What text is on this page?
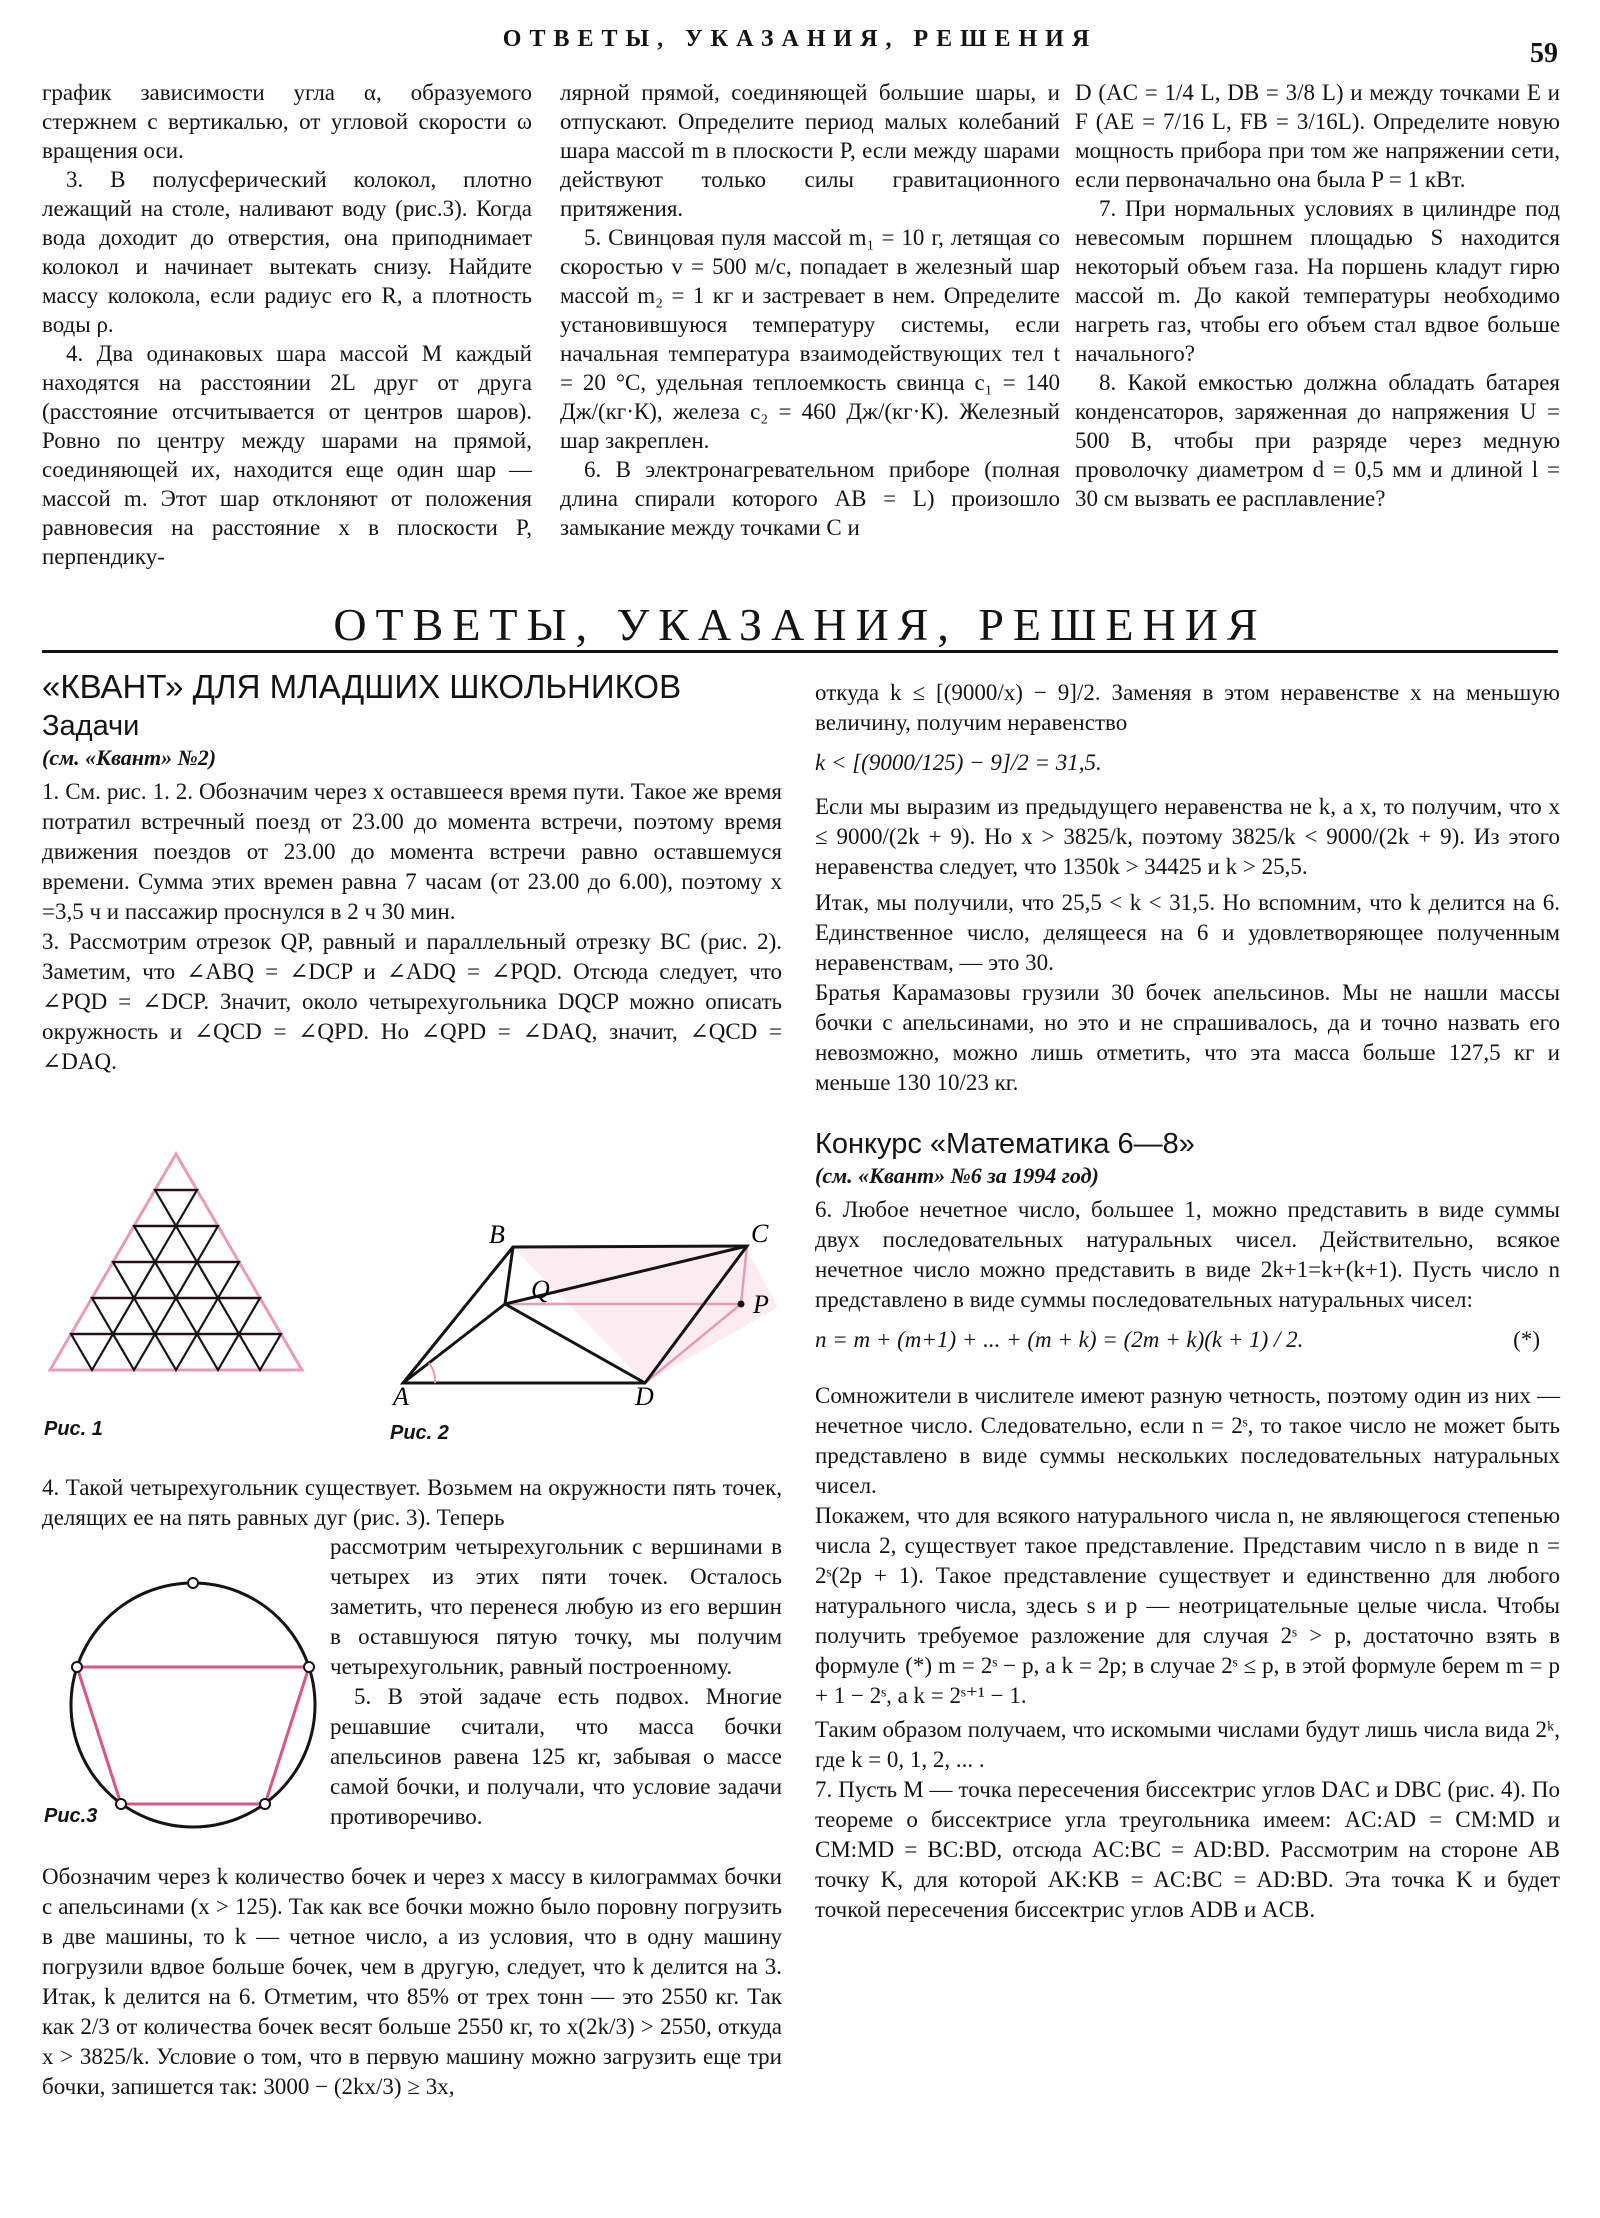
ОТВЕТЫ, УКАЗАНИЯ, РЕШЕНИЯ	59

график зависимости угла α, образуемого стержнем с вертикалью, от угловой скорости ω вращения оси.

3. В полусферический колокол, плотно лежащий на столе, наливают воду (рис.3). Когда вода доходит до отверстия, она приподнимает колокол и начинает вытекать снизу. Найдите массу колокола, если радиус его R, а плотность воды ρ.

4. Два одинаковых шара массой M каждый находятся на расстоянии 2L друг от друга (расстояние отсчитывается от центров шаров). Ровно по центру между шарами на прямой, соединяющей их, находится еще один шар — массой m. Этот шар отклоняют от положения равновесия на расстояние x в плоскости P, перпендику-

лярной прямой, соединяющей большие шары, и отпускают. Определите период малых колебаний шара массой m в плоскости P, если между шарами действуют только силы гравитационного притяжения.

5. Свинцовая пуля массой m₁ = 10 г, летящая со скоростью v = 500 м/с, попадает в железный шар массой m₂ = 1 кг и застревает в нем. Определите установившуюся температуру системы, если начальная температура взаимодействующих тел t = 20 °С, удельная теплоемкость свинца c₁ = 140 Дж/(кг·К), железа c₂ = 460 Дж/(кг·К). Железный шар закреплен.

6. В электронагревательном приборе (полная длина спирали которого AB = L) произошло замыкание между точками C и

D (AC = 1/4 L, DB = 3/8 L) и между точками E и F (AE = 7/16 L, FB = 3/16L). Определите новую мощность прибора при том же напряжении сети, если первоначально она была P = 1 кВт.

7. При нормальных условиях в цилиндре под невесомым поршнем площадью S находится некоторый объем газа. На поршень кладут гирю массой m. До какой температуры необходимо нагреть газ, чтобы его объем стал вдвое больше начального?

8. Какой емкостью должна обладать батарея конденсаторов, заряженная до напряжения U = 500 В, чтобы при разряде через медную проволочку диаметром d = 0,5 мм и длиной l = 30 см вызвать ее расплавление?

ОТВЕТЫ, УКАЗАНИЯ, РЕШЕНИЯ

«КВАНТ» ДЛЯ МЛАДШИХ ШКОЛЬНИКОВ

Задачи

(см. «Квант» №2)

1. См. рис. 1. 2. Обозначим через x оставшееся время пути. Такое же время потратил встречный поезд от 23.00 до момента встречи, поэтому время движения поездов от 23.00 до момента встречи равно оставшемуся времени. Сумма этих времен равна 7 часам (от 23.00 до 6.00), поэтому x =3,5 ч и пассажир проснулся в 2 ч 30 мин.

3. Рассмотрим отрезок QP, равный и параллельный отрезку BC (рис. 2). Заметим, что ∠ABQ = ∠DCP и ∠ADQ = ∠PQD. Отсюда следует, что ∠PQD = ∠DCP. Значит, около четырехугольника DQCP можно описать окружность и ∠QCD = ∠QPD. Но ∠QPD = ∠DAQ, значит, ∠QCD = ∠DAQ.

Рис. 1
B	C
Q
P
A	D
Рис. 2

4. Такой четырехугольник существует. Возьмем на окружности пять точек, делящих ее на пять равных дуг (рис. 3). Теперь

Рис.3

рассмотрим четырехугольник с вершинами в четырех из этих пяти точек. Осталось заметить, что перенеся любую из его вершин в оставшуюся пятую точку, мы получим четырехугольник, равный построенному.

5. В этой задаче есть подвох. Многие решавшие считали, что масса бочки апельсинов равена 125 кг, забывая о массе самой бочки, и получали, что условие задачи противоречиво.

Обозначим через k количество бочек и через x массу в килограммах бочки с апельсинами (x > 125). Так как все бочки можно было поровну погрузить в две машины, то k — четное число, а из условия, что в одну машину погрузили вдвое больше бочек, чем в другую, следует, что k делится на 3. Итак, k делится на 6. Отметим, что 85% от трех тонн — это 2550 кг. Так как 2/3 от количества бочек весят больше 2550 кг, то x(2k/3) > 2550, откуда x > 3825/k. Условие о том, что в первую машину можно загрузить еще три бочки, запишется так: 3000 − (2kx/3) ≥ 3x,

откуда k ≤ [(9000/x) − 9]/2. Заменяя в этом неравенстве x на меньшую величину, получим неравенство

k < [(9000/125) − 9]/2 = 31,5.

Если мы выразим из предыдущего неравенства не k, а x, то получим, что x ≤ 9000/(2k + 9). Но x > 3825/k, поэтому 3825/k < 9000/(2k + 9). Из этого неравенства следует, что 1350k > 34425 и k > 25,5.

Итак, мы получили, что 25,5 < k < 31,5. Но вспомним, что k делится на 6. Единственное число, делящееся на 6 и удовлетворяющее полученным неравенствам, — это 30.

Братья Карамазовы грузили 30 бочек апельсинов. Мы не нашли массы бочки с апельсинами, но это и не спрашивалось, да и точно назвать его невозможно, можно лишь отметить, что эта масса больше 127,5 кг и меньше 130 10/23 кг.

Конкурс «Математика 6—8»

(см. «Квант» №6 за 1994 год)

6. Любое нечетное число, большее 1, можно представить в виде суммы двух последовательных натуральных чисел. Действительно, всякое нечетное число можно представить в виде 2k+1=k+(k+1). Пусть число n представлено в виде суммы последовательных натуральных чисел:

n = m + (m+1) + ... + (m + k) = (2m + k)(k + 1) / 2.	(*)

Сомножители в числителе имеют разную четность, поэтому один из них — нечетное число. Следовательно, если n = 2ˢ, то такое число не может быть представлено в виде суммы нескольких последовательных натуральных чисел.

Покажем, что для всякого натурального числа n, не являющегося степенью числа 2, существует такое представление. Представим число n в виде n = 2ˢ(2p + 1). Такое представление существует и единственно для любого натурального числа, здесь s и p — неотрицательные целые числа. Чтобы получить требуемое разложение для случая 2ˢ > p, достаточно взять в формуле (*) m = 2ˢ − p, a k = 2p; в случае 2ˢ ≤ p, в этой формуле берем m = p + 1 − 2ˢ, a k = 2ˢ⁺¹ − 1.

Таким образом получаем, что искомыми числами будут лишь числа вида 2ᵏ, где k = 0, 1, 2, ... .

7. Пусть M — точка пересечения биссектрис углов DAC и DBC (рис. 4). По теореме о биссектрисе угла треугольника имеем: AC:AD = CM:MD и CM:MD = BC:BD, отсюда AC:BC = AD:BD. Рассмотрим на стороне AB точку K, для которой AK:KB = AC:BC = AD:BD. Эта точка K и будет точкой пересечения биссектрис углов ADB и ACB.
